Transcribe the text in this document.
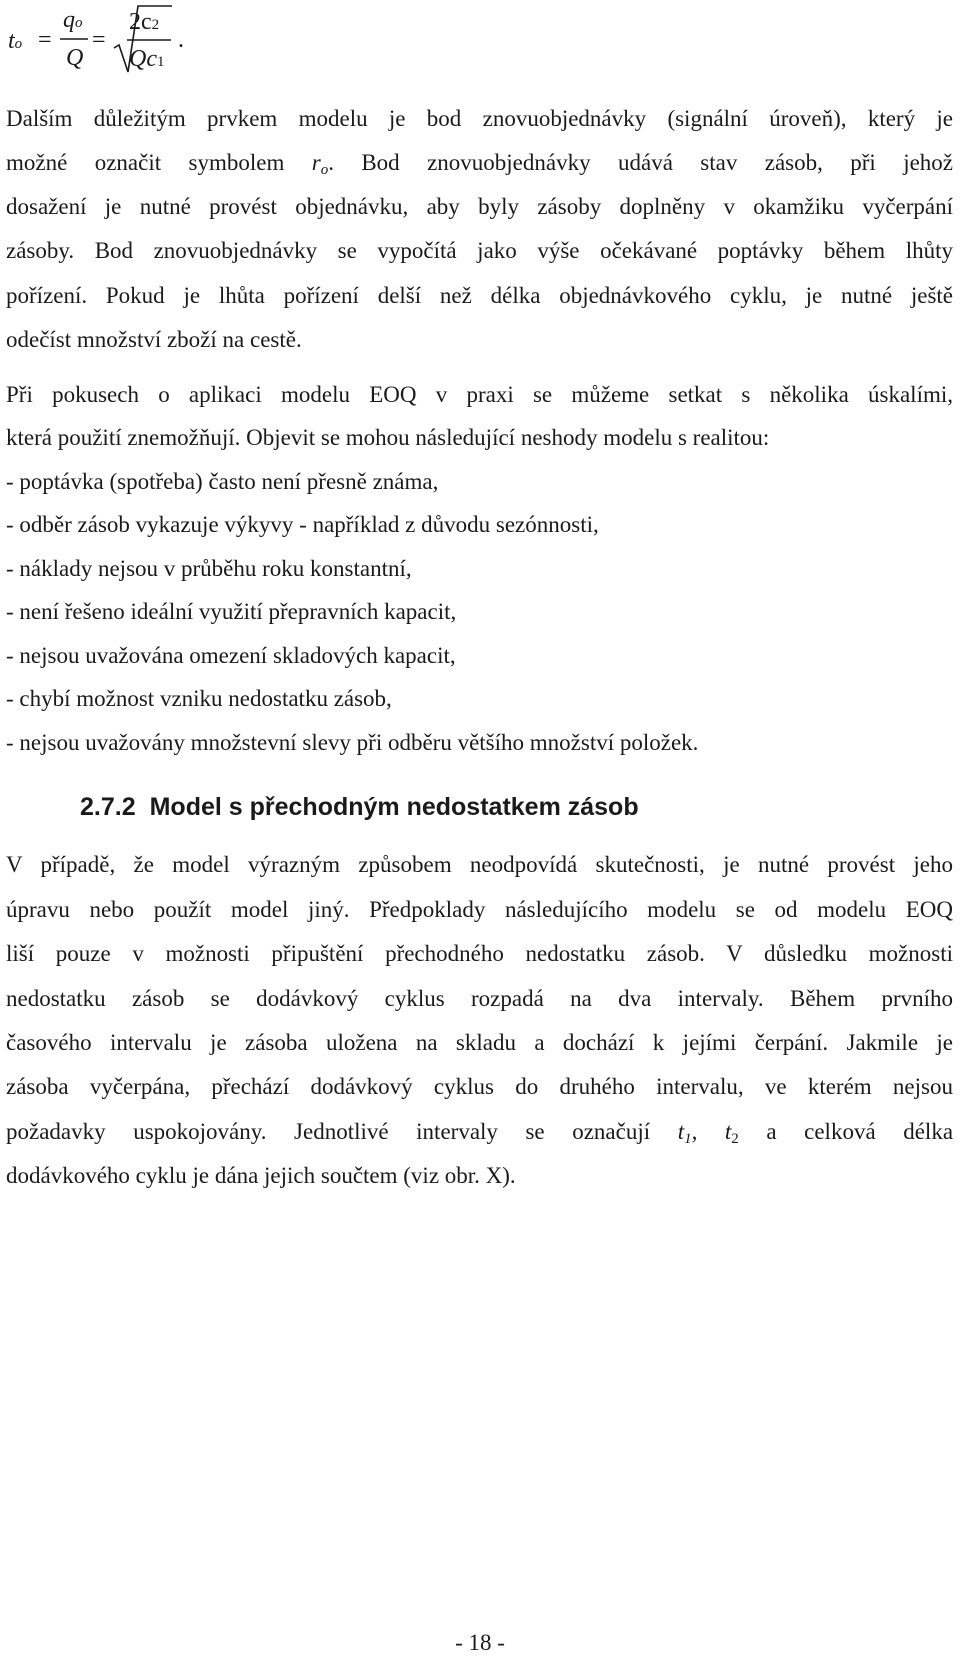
to =
qo
Q
=
2c2
Qc1
.
Dalším důležitým prvkem modelu je bod znovuobjednávky (signální úroveň), který je
možné označit symbolem $r_o$. Bod znovuobjednávky udává stav zásob, při jehož
dosažení je nutné provést objednávku, aby byly zásoby doplněny v okamžiku vyčerpání
zásoby. Bod znovuobjednávky se vypočítá jako výše očekávané poptávky během lhůty
pořízení. Pokud je lhůta pořízení delší než délka objednávkového cyklu, je nutné ještě
odečíst množství zboží na cestě.
Při pokusech o aplikaci modelu EOQ v praxi se můžeme setkat s několika úskalími,
která použití znemožňují. Objevit se mohou následující neshody modelu s realitou:
- poptávka (spotřeba) často není přesně známa,
- odběr zásob vykazuje výkyvy - například z důvodu sezónnosti,
- náklady nejsou v průběhu roku konstantní,
- není řešeno ideální využití přepravních kapacit,
- nejsou uvažována omezení skladových kapacit,
- chybí možnost vzniku nedostatku zásob,
- nejsou uvažovány množstevní slevy při odběru většího množství položek.
V případě, že model výrazným způsobem neodpovídá skutečnosti, je nutné provést jeho
úpravu nebo použít model jiný. Předpoklady následujícího modelu se od modelu EOQ
liší pouze v možnosti připuštění přechodného nedostatku zásob. V důsledku možnosti
nedostatku zásob se dodávkový cyklus rozpadá na dva intervaly. Během prvního
časového intervalu je zásoba uložena na skladu a dochází k jejími čerpání. Jakmile je
zásoba vyčerpána, přechází dodávkový cyklus do druhého intervalu, ve kterém nejsou
požadavky uspokojovány. Jednotlivé intervaly se označují $t_1$, $t_2$ a celková délka
dodávkového cyklu je dána jejich součtem (viz obr. X).
2.7.2 Model s přechodným nedostatkem zásob
- 18 -
